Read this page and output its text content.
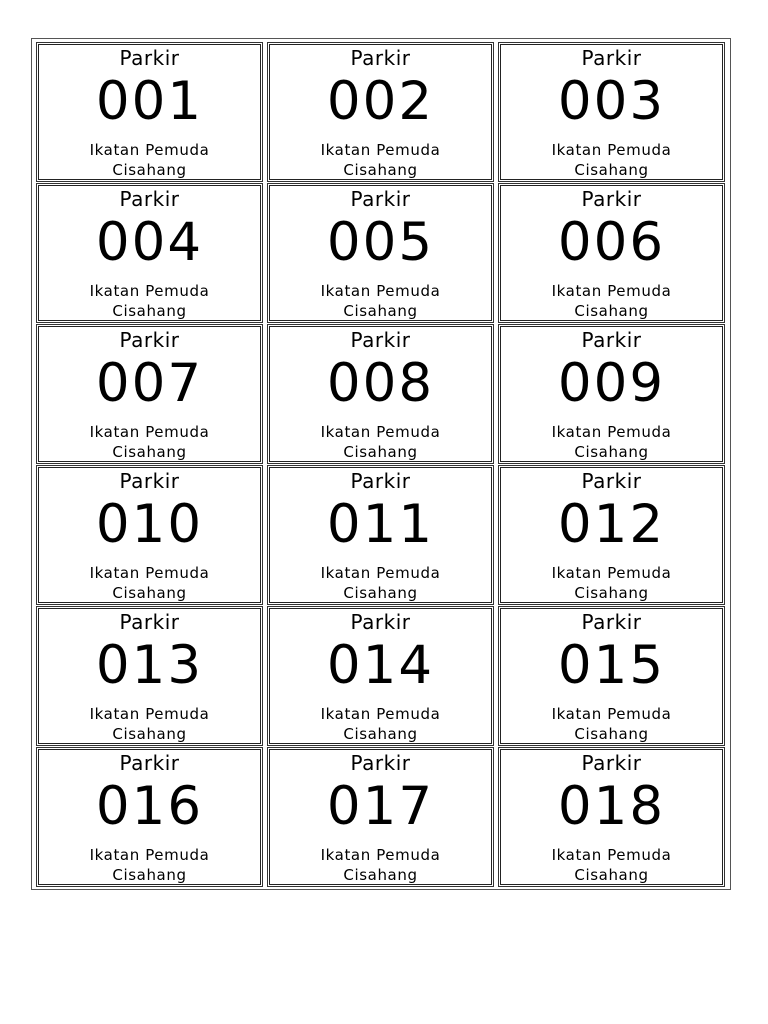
Parkir
001
Ikatan Pemuda
Cisahang
Parkir
002
Ikatan Pemuda
Cisahang
Parkir
003
Ikatan Pemuda
Cisahang
Parkir
004
Ikatan Pemuda
Cisahang
Parkir
005
Ikatan Pemuda
Cisahang
Parkir
006
Ikatan Pemuda
Cisahang
Parkir
007
Ikatan Pemuda
Cisahang
Parkir
008
Ikatan Pemuda
Cisahang
Parkir
009
Ikatan Pemuda
Cisahang
Parkir
010
Ikatan Pemuda
Cisahang
Parkir
011
Ikatan Pemuda
Cisahang
Parkir
012
Ikatan Pemuda
Cisahang
Parkir
013
Ikatan Pemuda
Cisahang
Parkir
014
Ikatan Pemuda
Cisahang
Parkir
015
Ikatan Pemuda
Cisahang
Parkir
016
Ikatan Pemuda
Cisahang
Parkir
017
Ikatan Pemuda
Cisahang
Parkir
018
Ikatan Pemuda
Cisahang
